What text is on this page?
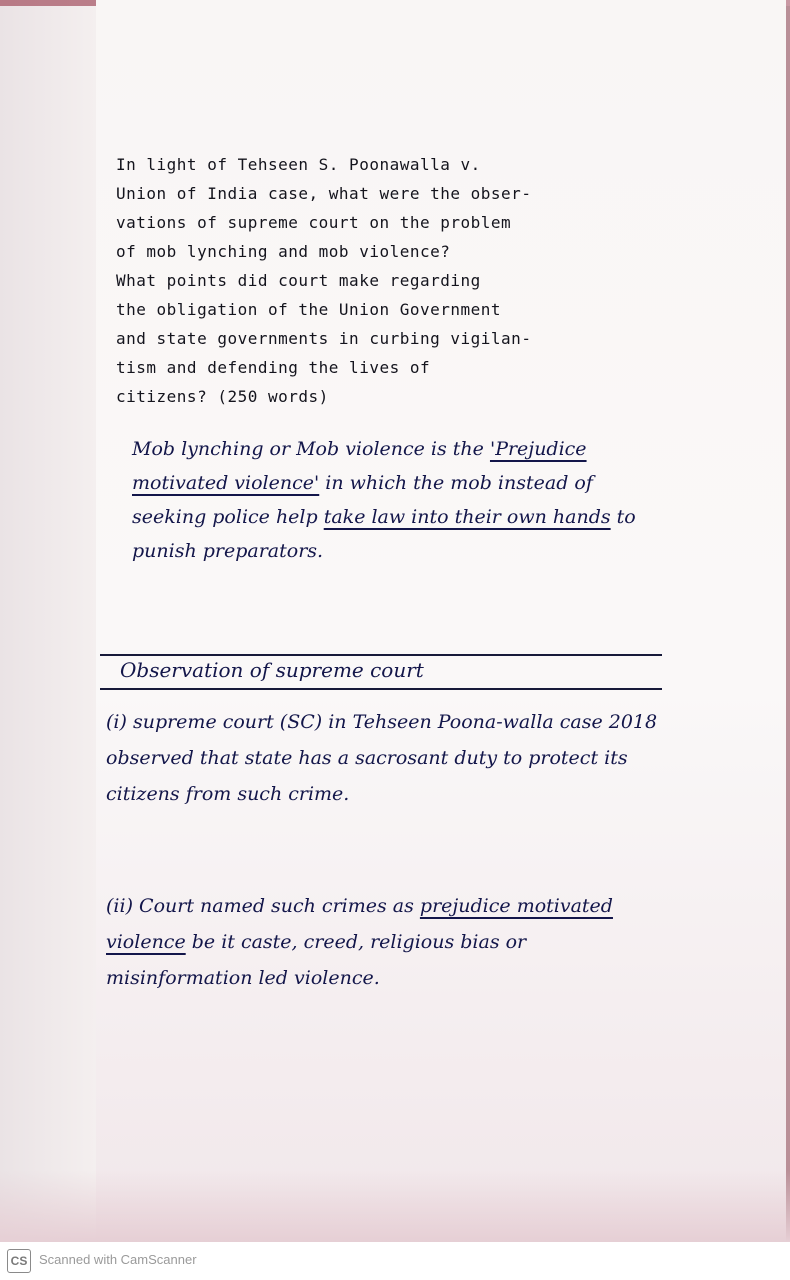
In light of Tehseen S. Poonawalla v.
Union of India case, what were the obser-
vations of supreme court on the problem
of mob lynching and mob violence?
What points did court make regarding
the obligation of the Union Government
and state governments in curbing vigilan-
tism and defending the lives of
citizens? (250 words)
Mob lynching or Mob violence is the 'Prejudice motivated violence' in which the mob instead of seeking police help take law into their own hands to punish preparators.
Observation of supreme court
(i) supreme court (SC) in Tehseen Poona-walla case 2018 observed that state has a sacrosant duty to protect its citizens from such crime.
(ii) Court named such crimes as prejudice motivated violence be it caste, creed, religious bias or misinformation led violence.
CS Scanned with CamScanner
